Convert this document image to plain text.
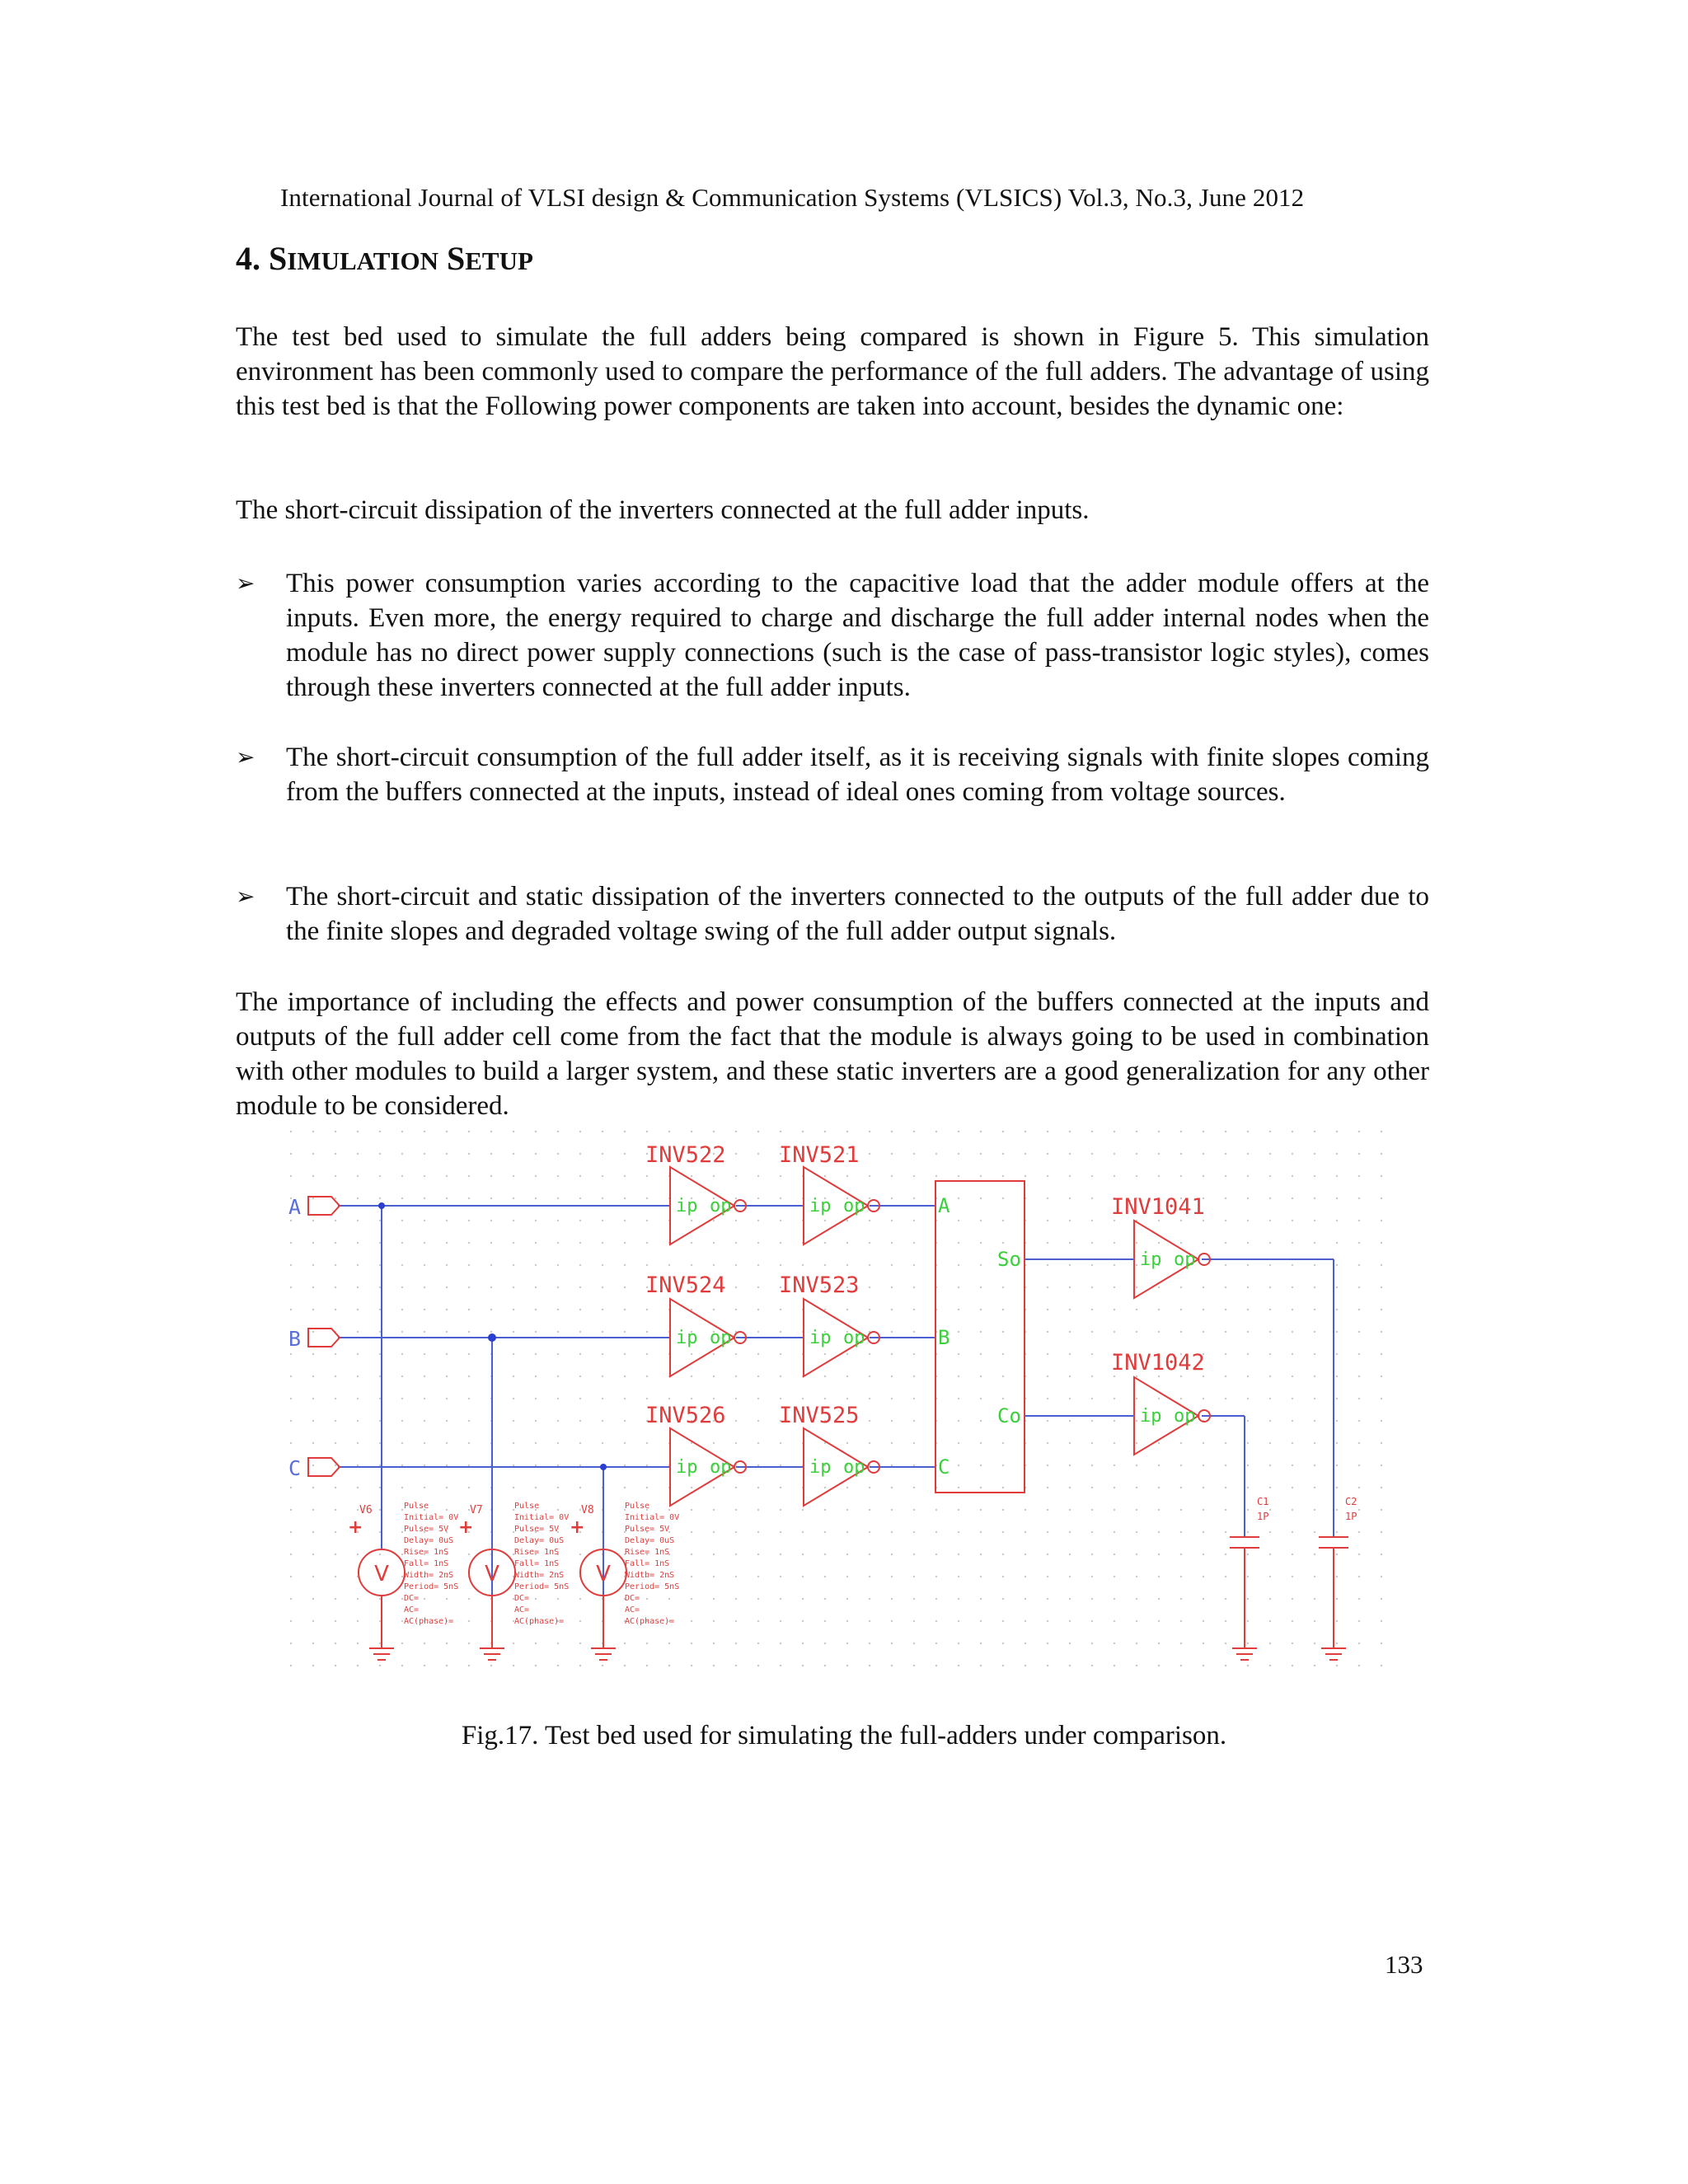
International Journal of VLSI design & Communication Systems (VLSICS) Vol.3, No.3, June 2012
4. SIMULATION SETUP

The test bed used to simulate the full adders being compared is shown in Figure 5. This simulation environment has been commonly used to compare the performance of the full adders. The advantage of using this test bed is that the Following power components are taken into account, besides the dynamic one:

The short-circuit dissipation of the inverters connected at the full adder inputs.

➢	This power consumption varies according to the capacitive load that the adder module offers at the inputs. Even more, the energy required to charge and discharge the full adder internal nodes when the module has no direct power supply connections (such is the case of pass-transistor logic styles), comes through these inverters connected at the full adder inputs.
➢	The short-circuit consumption of the full adder itself, as it is receiving signals with finite slopes coming from the buffers connected at the inputs, instead of ideal ones coming from voltage sources.
➢	The short-circuit and static dissipation of the inverters connected to the outputs of the full adder due to the finite slopes and degraded voltage swing of the full adder output signals.

The importance of including the effects and power consumption of the buffers connected at the inputs and outputs of the full adder cell come from the fact that the module is always going to be used in combination with other modules to build a larger system, and these static inverters are a good generalization for any other module to be considered.

A
B
C
INV522 INV521
INV524 INV523
INV526 INV525
INV1041
INV1042
ip op	ip op
ip op	ip op
ip op	ip op
ip op
ip op
A
B
C
So
Co
V	V	V
+	+	+
V6	V7	V8
Pulse
Initial= 0V
Pulse= 5V
Delay= 0uS
Rise= 1nS
Fall= 1nS
Width= 2nS
Period= 5nS
DC=
AC=
AC(phase)=
Pulse
Initial= 0V
Pulse= 5V
Delay= 0uS
Rise= 1nS
Fall= 1nS
Width= 2nS
Period= 5nS
DC=
AC=
AC(phase)=
Pulse
Initial= 0V
Pulse= 5V
Delay= 0uS
Rise= 1nS
Fall= 1nS
Width= 2nS
Period= 5nS
DC=
AC=
AC(phase)=
C1
1P
C2
1P
Fig.17. Test bed used for simulating the full-adders under comparison.
133
